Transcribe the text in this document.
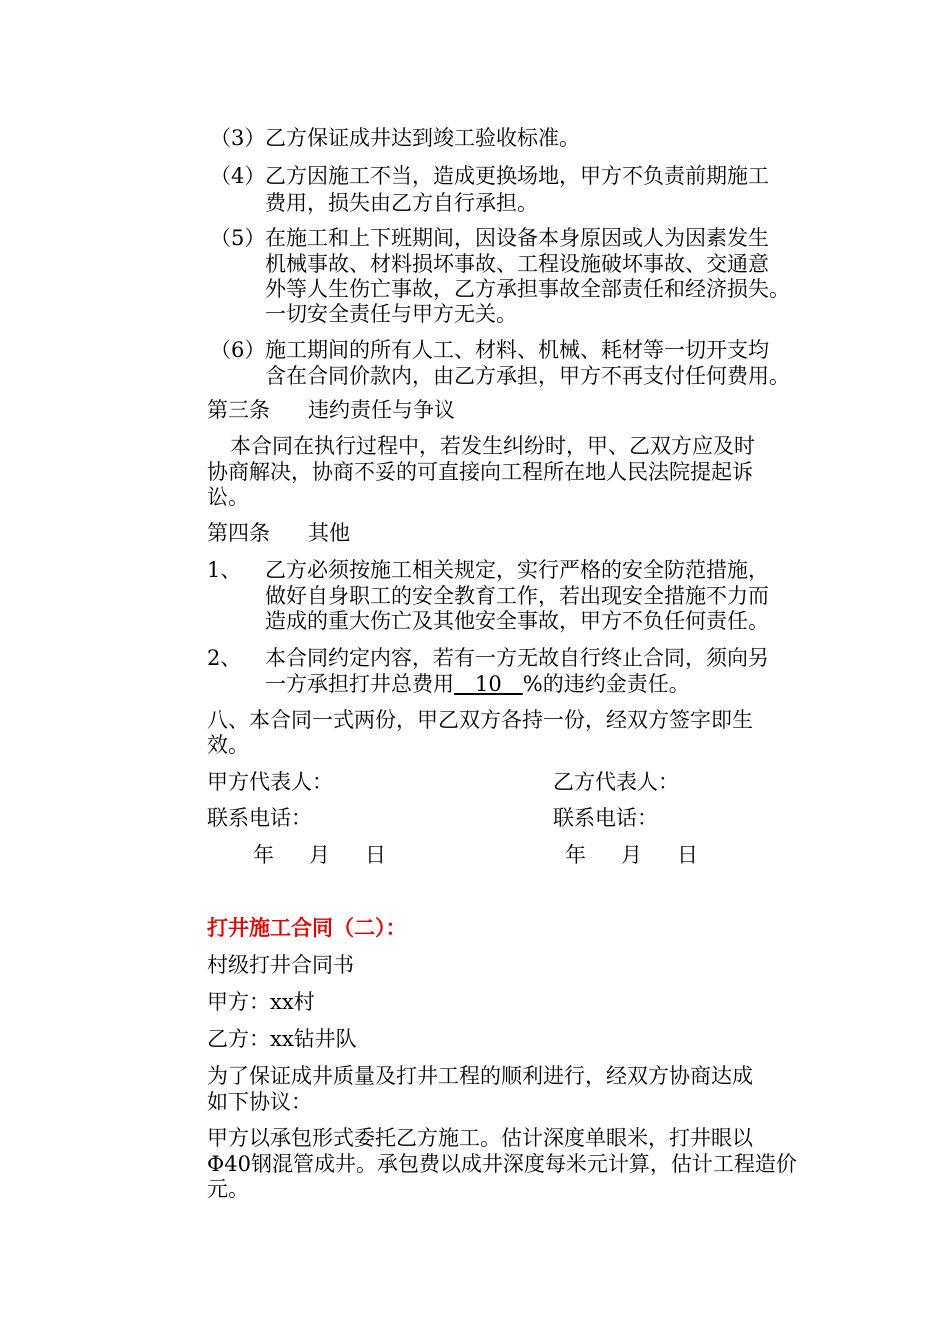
（3） 乙方保证成井达到竣工验收标准。
（4） 乙方因施工不当，造成更换场地，甲方不负责前期施工
费用，损失由乙方自行承担。
（5） 在施工和上下班期间，因设备本身原因或人为因素发生
机械事故、材料损坏事故、工程设施破坏事故、交通意
外等人生伤亡事故，乙方承担事故全部责任和经济损失。
一切安全责任与甲方无关。
（6） 施工期间的所有人工、材料、机械、耗材等一切开支均
含在合同价款内，由乙方承担，甲方不再支付任何费用。
第三条 违约责任与争议
本合同在执行过程中，若发生纠纷时，甲、乙双方应及时
协商解决，协商不妥的可直接向工程所在地人民法院提起诉
讼。
第四条 其他
1、 乙方必须按施工相关规定，实行严格的安全防范措施，
做好自身职工的安全教育工作，若出现安全措施不力而
造成的重大伤亡及其他安全事故，甲方不负任何责任。
2、 本合同约定内容，若有一方无故自行终止合同，须向另
一方承担打井总费用　10　%的违约金责任。
八、本合同一式两份，甲乙双方各持一份，经双方签字即生
效。
甲方代表人：	乙方代表人：
联系电话：	联系电话：
年 月 日	年 月 日
打井施工合同（二）：
村级打井合同书
甲方：xx村
乙方：xx钻井队
为了保证成井质量及打井工程的顺利进行，经双方协商达成
如下协议：
甲方以承包形式委托乙方施工。估计深度单眼米，打井眼以
Φ40钢混管成井。承包费以成井深度每米元计算，估计工程造价
元。
